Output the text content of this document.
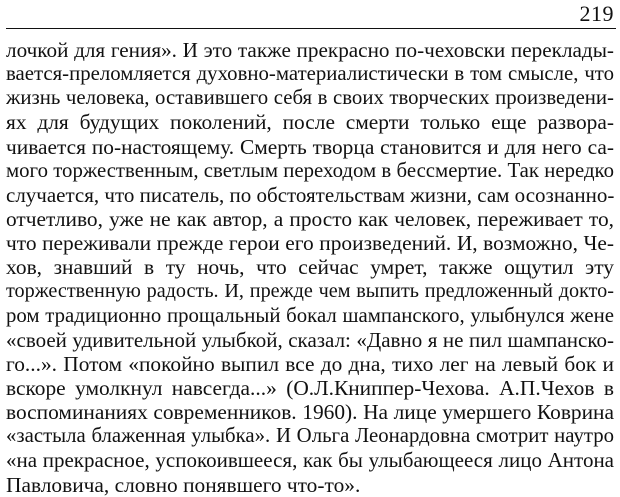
219
лочкой для гения». И это также прекрасно по-чеховски переклады-
вается-преломляется духовно-материалистически в том смысле, что
жизнь человека, оставившего себя в своих творческих произведени-
ях для будущих поколений, после смерти только еще разворa-
чивается по-настоящему. Смерть творца становится и для него са-
мого торжественным, светлым переходом в бессмертие. Так нередко
случается, что писатель, по обстоятельствам жизни, сам осознанно-
отчетливо, уже не как автор, а просто как человек, переживает то,
что переживали прежде герои его произведений. И, возможно, Че-
хов, знавший в ту ночь, что сейчас умрет, также ощутил эту
торжественную радость. И, прежде чем выпить предложенный докто-
ром традиционно прощальный бокал шампанского, улыбнулся жене
«своей удивительной улыбкой, сказал: «Давно я не пил шампанско-
го...». Потом «покойно выпил все до дна, тихо лег на левый бок и
вскоре умолкнул навсегда...» (О.Л.Книппер-Чехова. А.П.Чехов в
воспоминаниях современников. 1960). На лице умершего Коврина
«застыла блаженная улыбка». И Ольга Леонардовна смотрит наутро
«на прекрасное, успокоившееся, как бы улыбающееся лицо Антона
Павловича, словно понявшего что-то».
